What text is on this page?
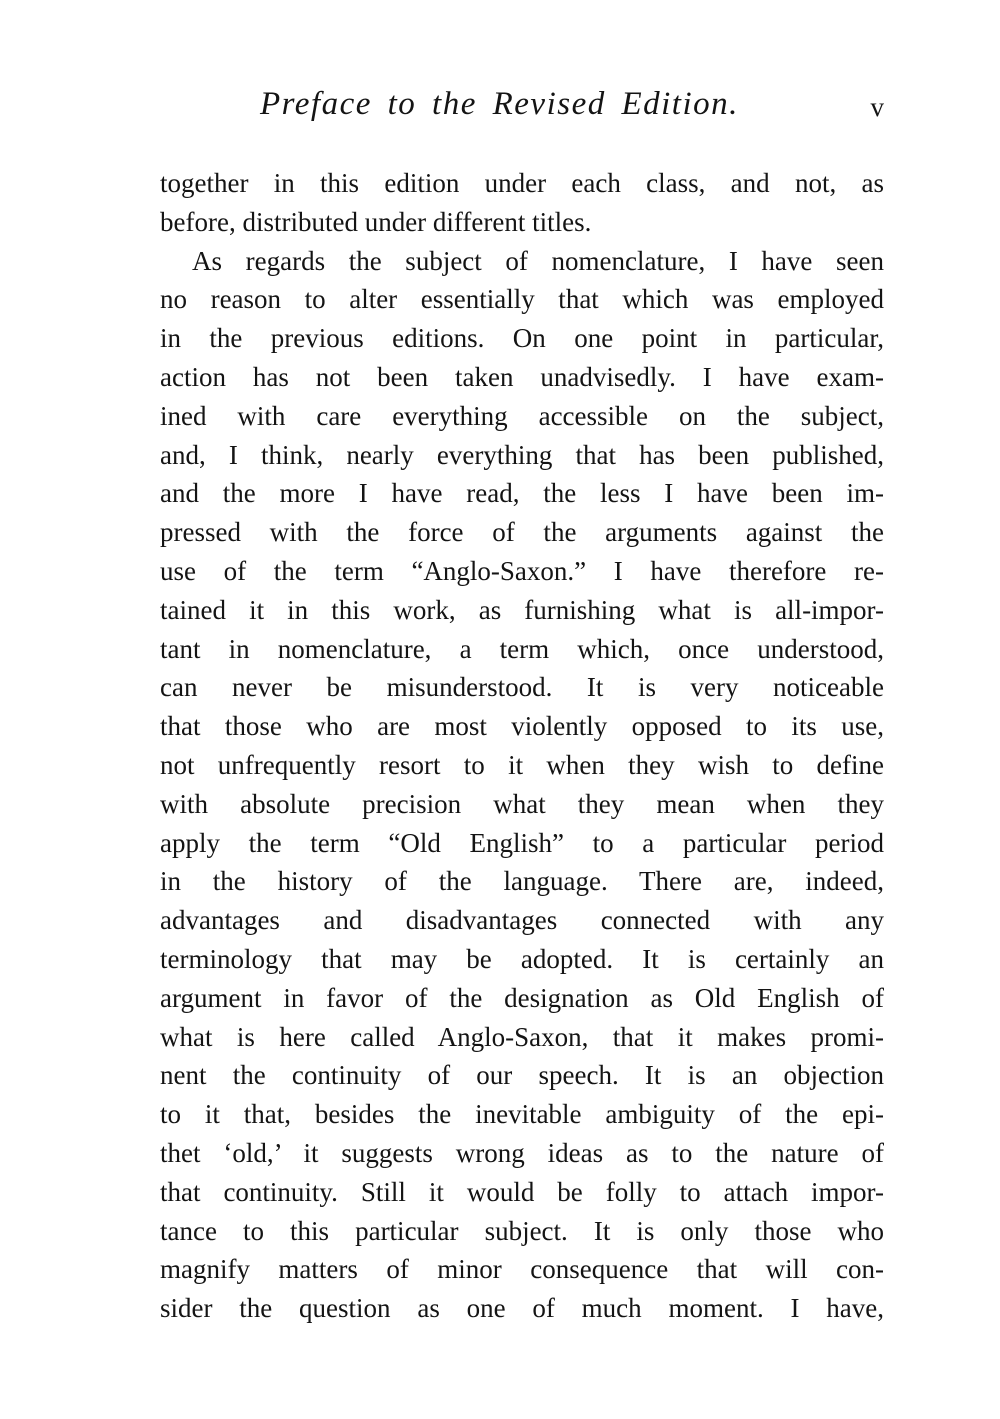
Preface to the Revised Edition.	v
together in this edition under each class, and not, as
before, distributed under different titles.
As regards the subject of nomenclature, I have seen
no reason to alter essentially that which was employed
in the previous editions. On one point in particular,
action has not been taken unadvisedly. I have exam-
ined with care everything accessible on the subject,
and, I think, nearly everything that has been published,
and the more I have read, the less I have been im-
pressed with the force of the arguments against the
use of the term “Anglo-Saxon.” I have therefore re-
tained it in this work, as furnishing what is all-impor-
tant in nomenclature, a term which, once understood,
can never be misunderstood. It is very noticeable
that those who are most violently opposed to its use,
not unfrequently resort to it when they wish to define
with absolute precision what they mean when they
apply the term “Old English” to a particular period
in the history of the language. There are, indeed,
advantages and disadvantages connected with any
terminology that may be adopted. It is certainly an
argument in favor of the designation as Old English of
what is here called Anglo-Saxon, that it makes promi-
nent the continuity of our speech. It is an objection
to it that, besides the inevitable ambiguity of the epi-
thet ‘old,’ it suggests wrong ideas as to the nature of
that continuity. Still it would be folly to attach impor-
tance to this particular subject. It is only those who
magnify matters of minor consequence that will con-
sider the question as one of much moment. I have,
